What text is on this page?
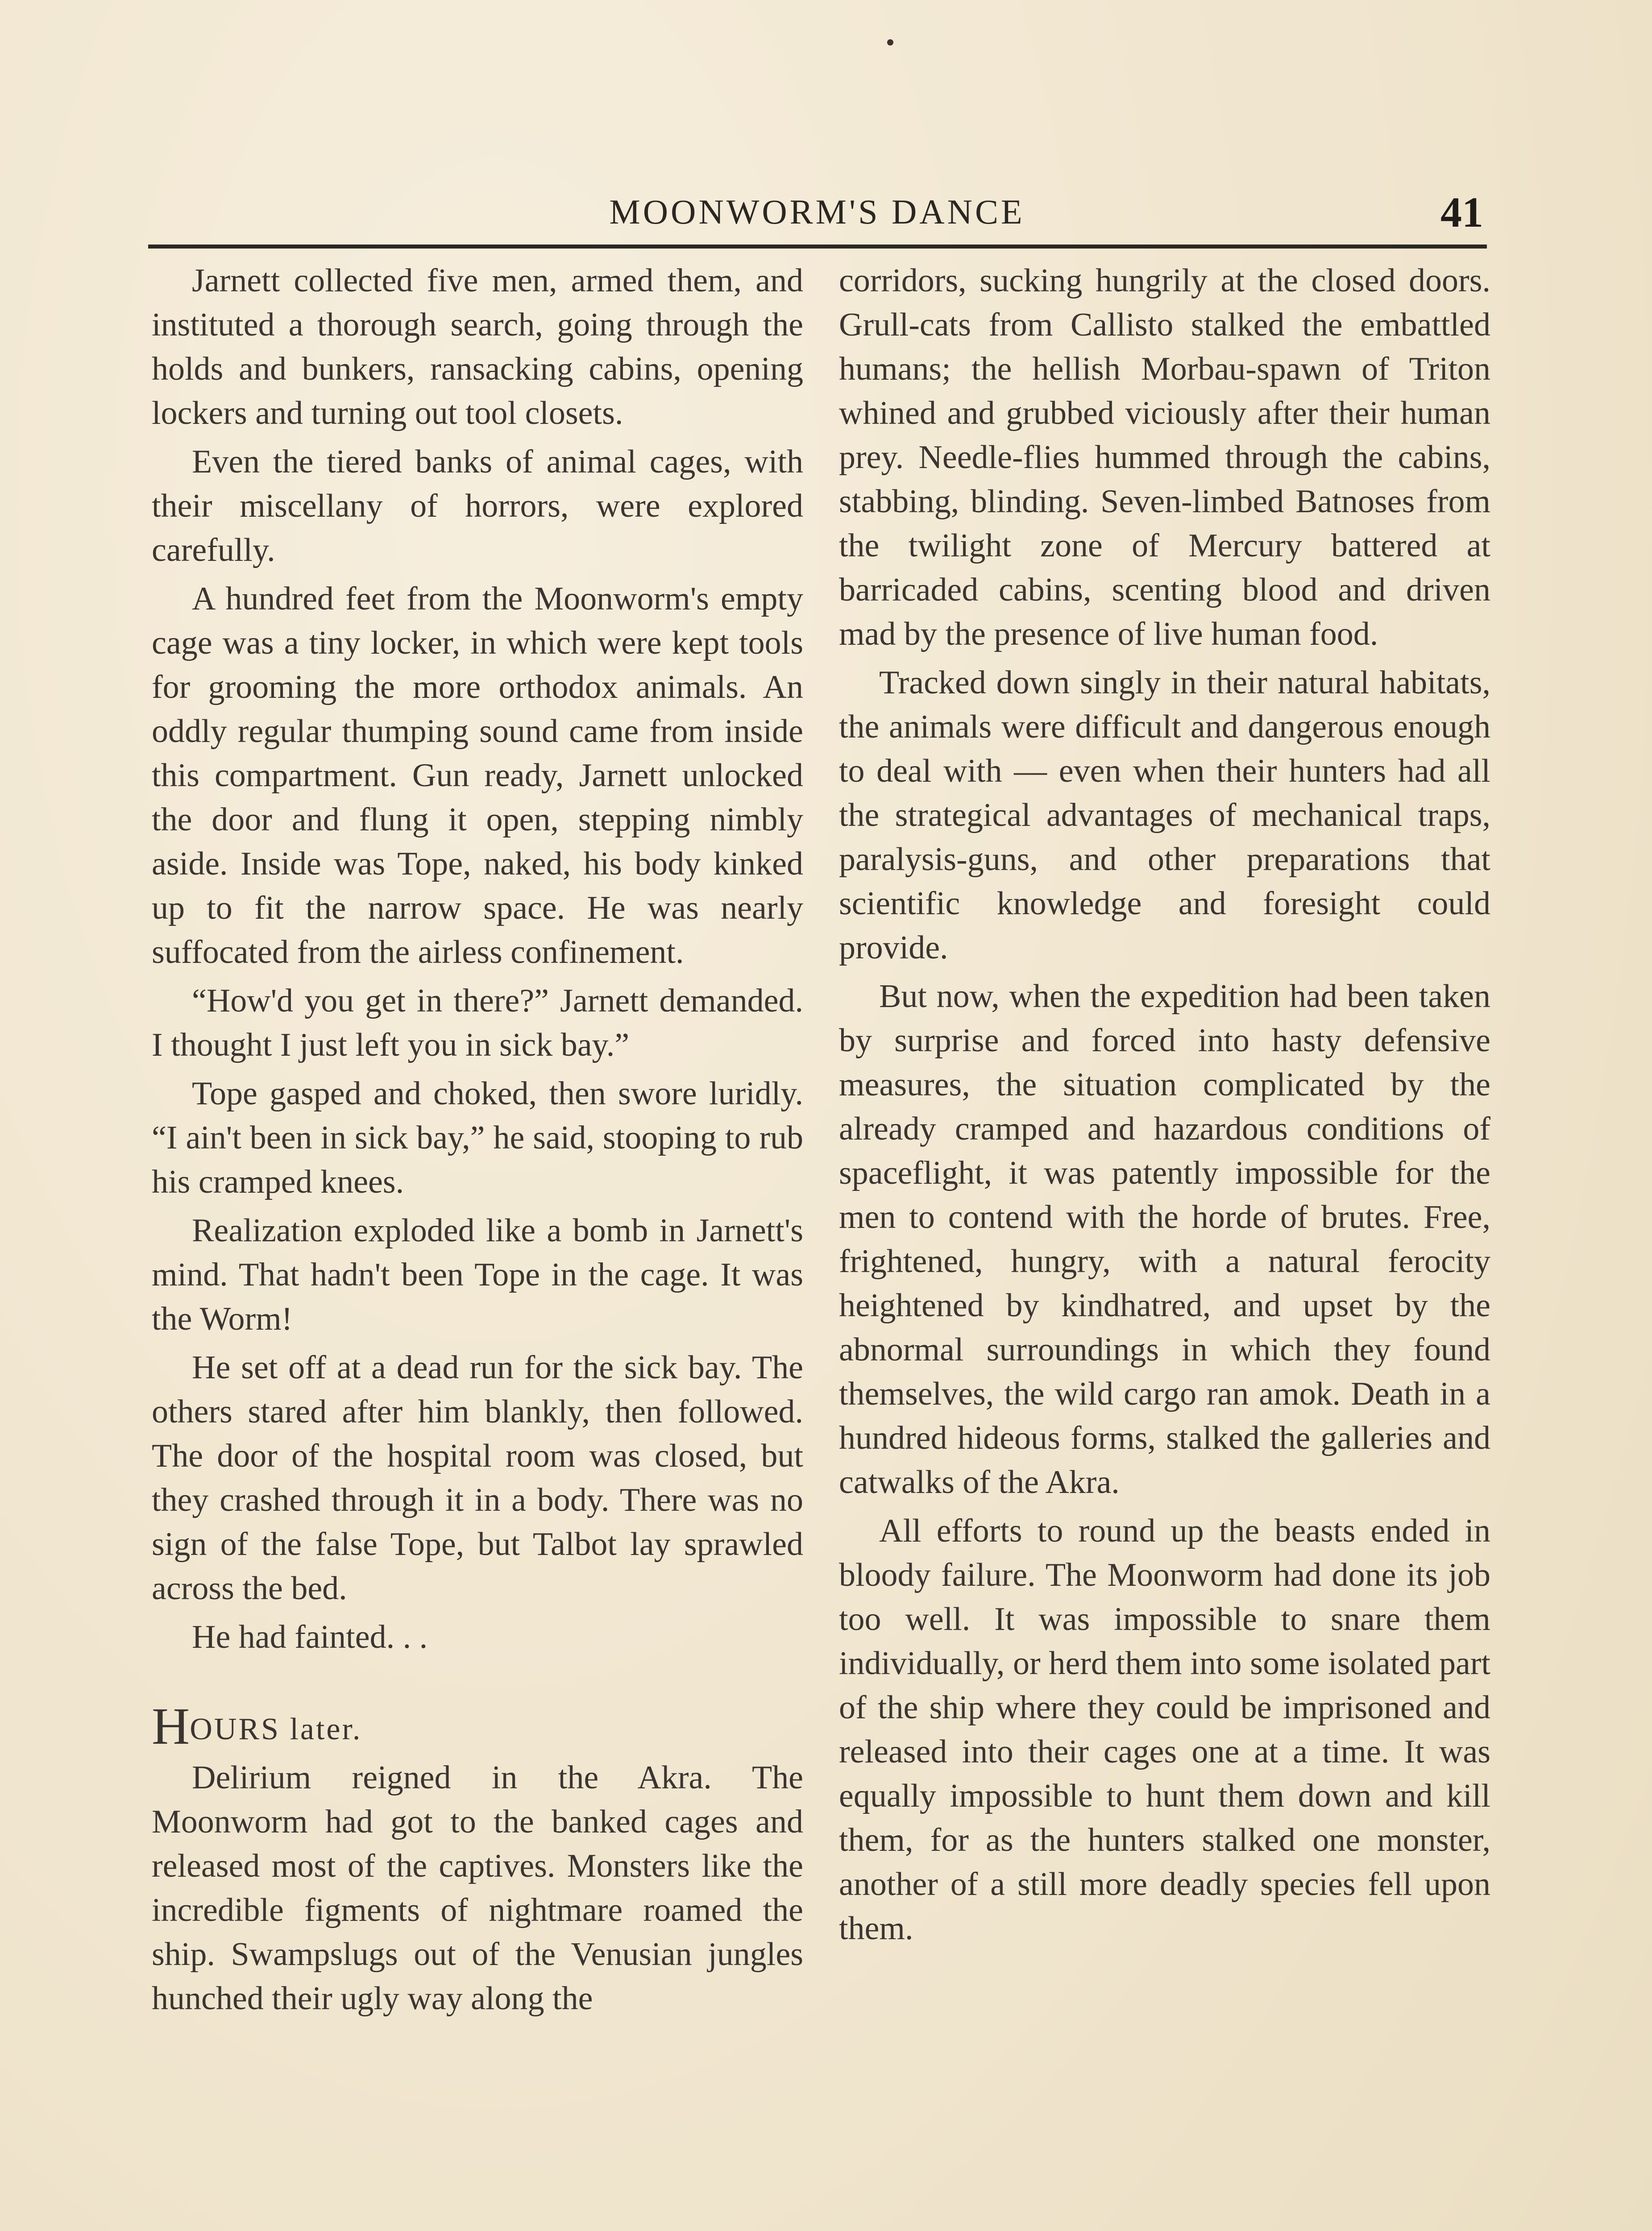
MOONWORM'S DANCE	41

Jarnett collected five men, armed them, and instituted a thorough search, going through the holds and bunkers, ransacking cabins, opening lockers and turning out tool closets.

Even the tiered banks of animal cages, with their miscellany of horrors, were explored carefully.

A hundred feet from the Moonworm's empty cage was a tiny locker, in which were kept tools for grooming the more orthodox animals. An oddly regular thumping sound came from inside this compartment. Gun ready, Jarnett unlocked the door and flung it open, stepping nimbly aside. Inside was Tope, naked, his body kinked up to fit the narrow space. He was nearly suffocated from the airless confinement.

“How'd you get in there?” Jarnett demanded. I thought I just left you in sick bay.”

Tope gasped and choked, then swore luridly. “I ain't been in sick bay,” he said, stooping to rub his cramped knees.

Realization exploded like a bomb in Jarnett's mind. That hadn't been Tope in the cage. It was the Worm!

He set off at a dead run for the sick bay. The others stared after him blankly, then followed. The door of the hospital room was closed, but they crashed through it in a body. There was no sign of the false Tope, but Talbot lay sprawled across the bed.

He had fainted. . .

HOURS later.

Delirium reigned in the Akra. The Moonworm had got to the banked cages and released most of the captives. Monsters like the incredible figments of nightmare roamed the ship. Swampslugs out of the Venusian jungles hunched their ugly way along the

corridors, sucking hungrily at the closed doors. Grull-cats from Callisto stalked the embattled humans; the hellish Morbau-spawn of Triton whined and grubbed viciously after their human prey. Needle-flies hummed through the cabins, stabbing, blinding. Seven-limbed Batnoses from the twilight zone of Mercury battered at barricaded cabins, scenting blood and driven mad by the presence of live human food.

Tracked down singly in their natural habitats, the animals were difficult and dangerous enough to deal with — even when their hunters had all the strategical advantages of mechanical traps, paralysis-guns, and other preparations that scientific knowledge and foresight could provide.

But now, when the expedition had been taken by surprise and forced into hasty defensive measures, the situation complicated by the already cramped and hazardous conditions of spaceflight, it was patently impossible for the men to contend with the horde of brutes. Free, frightened, hungry, with a natural ferocity heightened by kindhatred, and upset by the abnormal surroundings in which they found themselves, the wild cargo ran amok. Death in a hundred hideous forms, stalked the galleries and catwalks of the Akra.

All efforts to round up the beasts ended in bloody failure. The Moonworm had done its job too well. It was impossible to snare them individually, or herd them into some isolated part of the ship where they could be imprisoned and released into their cages one at a time. It was equally impossible to hunt them down and kill them, for as the hunters stalked one monster, another of a still more deadly species fell upon them.
